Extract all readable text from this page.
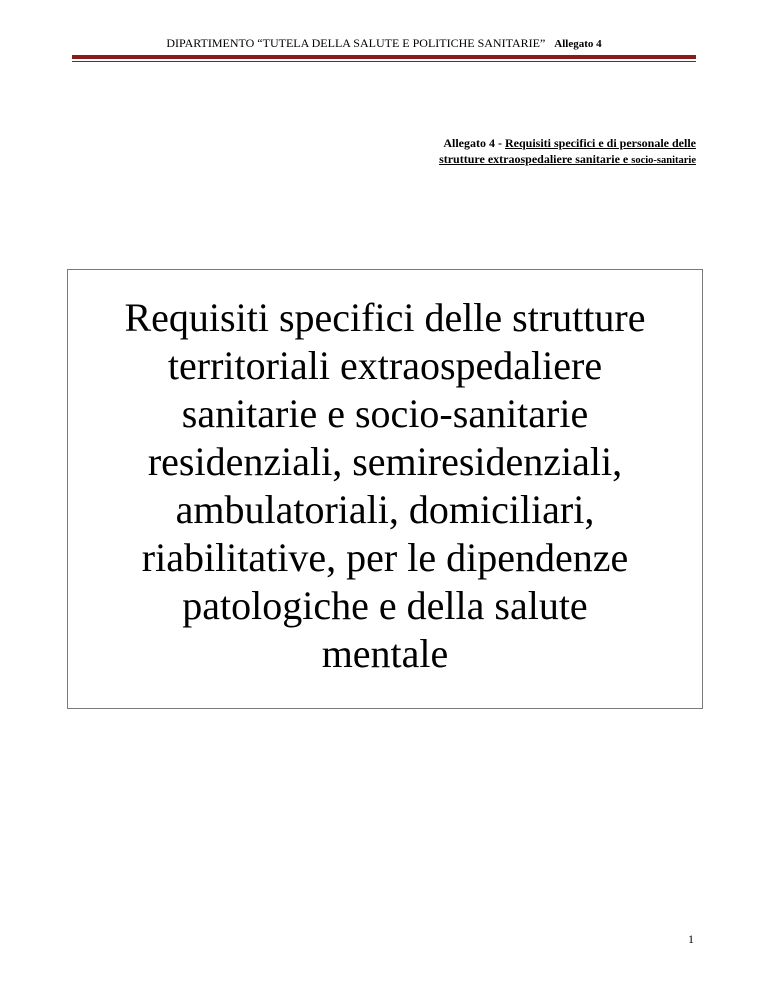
DIPARTIMENTO “TUTELA DELLA SALUTE E POLITICHE SANITARIE” Allegato 4
Allegato 4 - Requisiti specifici e di personale delle
strutture extraospedaliere sanitarie e socio-sanitarie
Requisiti specifici delle strutture
territoriali extraospedaliere
sanitarie e socio-sanitarie
residenziali, semiresidenziali,
ambulatoriali, domiciliari,
riabilitative, per le dipendenze
patologiche e della salute
mentale
1
